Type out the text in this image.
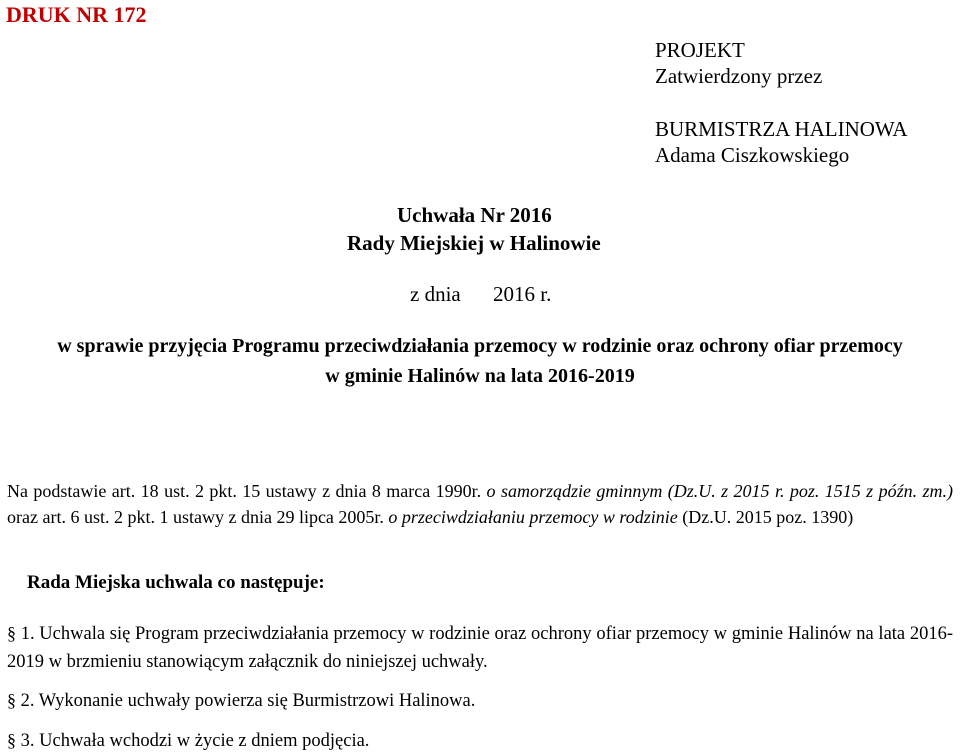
DRUK NR 172
PROJEKT
Zatwierdzony przez
BURMISTRZA HALINOWA
Adama Ciszkowskiego
Uchwała Nr 2016
Rady Miejskiej w Halinowie
z dnia 2016 r.
w sprawie przyjęcia Programu przeciwdziałania przemocy w rodzinie oraz ochrony ofiar przemocy
w gminie Halinów na lata 2016-2019
Na podstawie art. 18 ust. 2 pkt. 15 ustawy z dnia 8 marca 1990r. o samorządzie gminnym (Dz.U. z 2015 r. poz. 1515 z późn. zm.) oraz art. 6 ust. 2 pkt. 1 ustawy z dnia 29 lipca 2005r. o przeciwdziałaniu przemocy w rodzinie (Dz.U. 2015 poz. 1390)
Rada Miejska uchwala co następuje:
§ 1. Uchwala się Program przeciwdziałania przemocy w rodzinie oraz ochrony ofiar przemocy w gminie Halinów na lata 2016-2019 w brzmieniu stanowiącym załącznik do niniejszej uchwały.
§ 2. Wykonanie uchwały powierza się Burmistrzowi Halinowa.
§ 3. Uchwała wchodzi w życie z dniem podjęcia.
